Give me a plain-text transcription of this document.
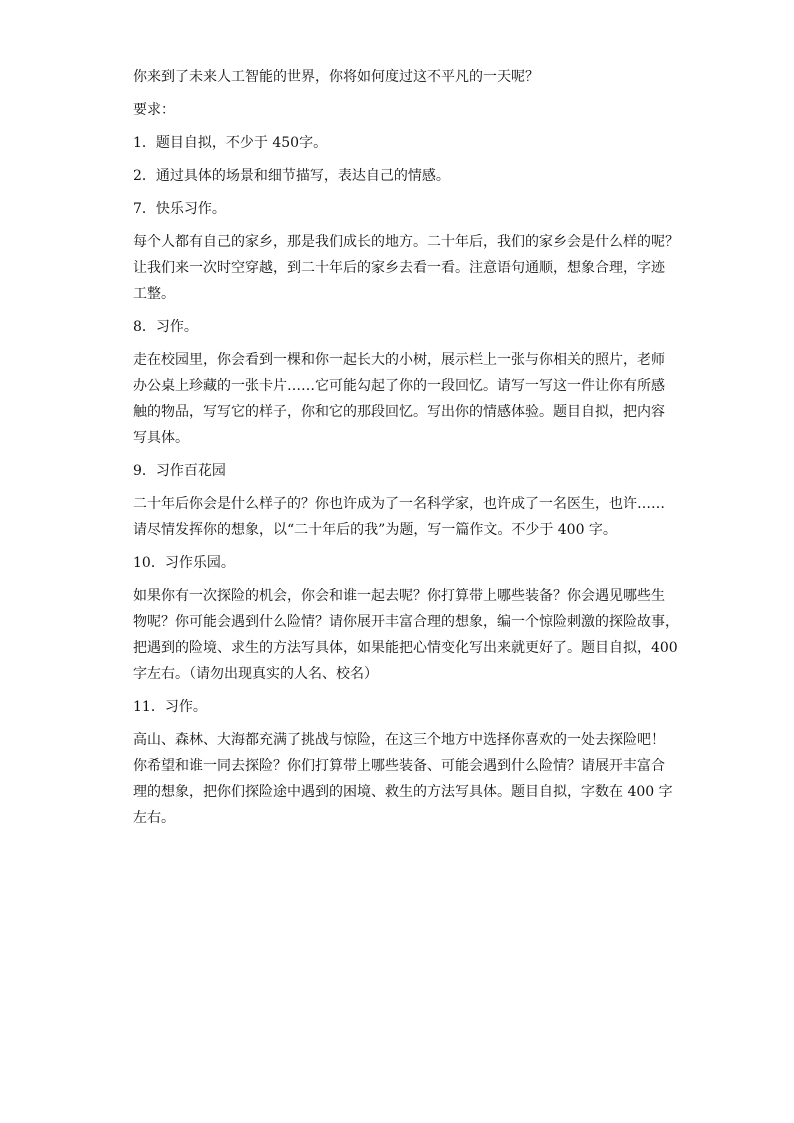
你来到了未来人工智能的世界，你将如何度过这不平凡的一天呢？
要求：
1．题目自拟，不少于 450字。
2．通过具体的场景和细节描写，表达自己的情感。
7．快乐习作。
每个人都有自己的家乡，那是我们成长的地方。二十年后，我们的家乡会是什么样的呢？
让我们来一次时空穿越，到二十年后的家乡去看一看。注意语句通顺，想象合理，字迹
工整。
8．习作。
走在校园里，你会看到一棵和你一起长大的小树，展示栏上一张与你相关的照片，老师
办公桌上珍藏的一张卡片……它可能勾起了你的一段回忆。请写一写这一件让你有所感
触的物品，写写它的样子，你和它的那段回忆。写出你的情感体验。题目自拟，把内容
写具体。
9．习作百花园
二十年后你会是什么样子的？你也许成为了一名科学家，也许成了一名医生，也许……
请尽情发挥你的想象，以“二十年后的我”为题，写一篇作文。不少于 400 字。
10．习作乐园。
如果你有一次探险的机会，你会和谁一起去呢？你打算带上哪些装备？你会遇见哪些生
物呢？你可能会遇到什么险情？请你展开丰富合理的想象，编一个惊险刺激的探险故事，
把遇到的险境、求生的方法写具体，如果能把心情变化写出来就更好了。题目自拟，400
字左右。（请勿出现真实的人名、校名）
11．习作。
高山、森林、大海都充满了挑战与惊险，在这三个地方中选择你喜欢的一处去探险吧！
你希望和谁一同去探险？你们打算带上哪些装备、可能会遇到什么险情？请展开丰富合
理的想象，把你们探险途中遇到的困境、救生的方法写具体。题目自拟，字数在 400 字
左右。
